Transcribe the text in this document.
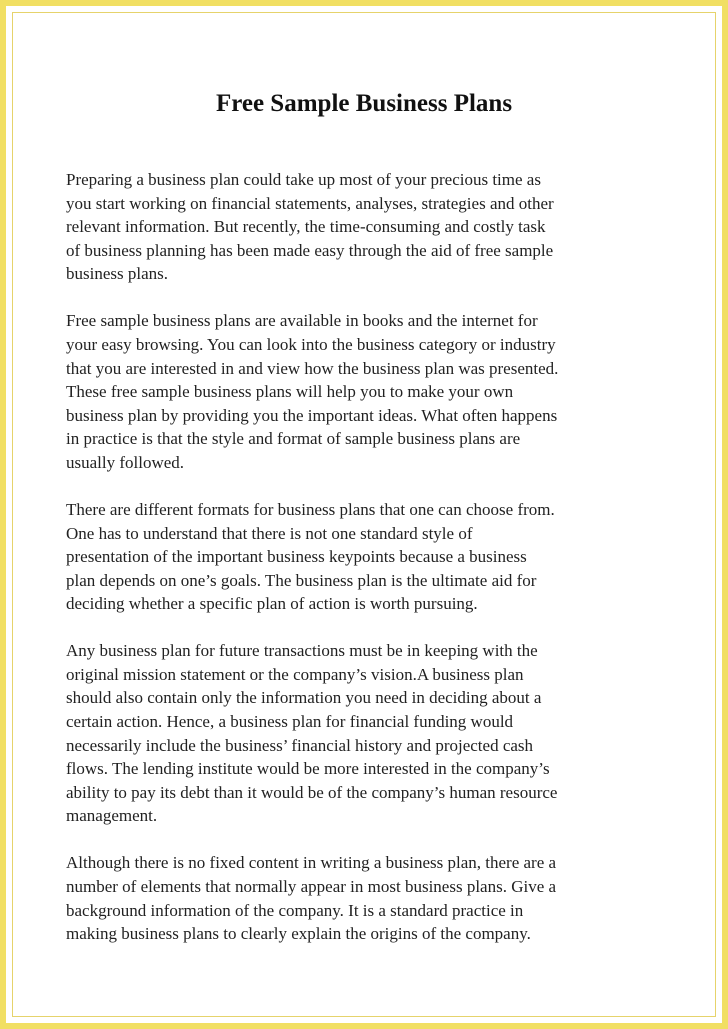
Free Sample Business Plans

Preparing a business plan could take up most of your precious time as
you start working on financial statements, analyses, strategies and other
relevant information. But recently, the time-consuming and costly task
of business planning has been made easy through the aid of free sample
business plans.

Free sample business plans are available in books and the internet for
your easy browsing. You can look into the business category or industry
that you are interested in and view how the business plan was presented.
These free sample business plans will help you to make your own
business plan by providing you the important ideas. What often happens
in practice is that the style and format of sample business plans are
usually followed.

There are different formats for business plans that one can choose from.
One has to understand that there is not one standard style of
presentation of the important business keypoints because a business
plan depends on one’s goals. The business plan is the ultimate aid for
deciding whether a specific plan of action is worth pursuing.

Any business plan for future transactions must be in keeping with the
original mission statement or the company’s vision.A business plan
should also contain only the information you need in deciding about a
certain action. Hence, a business plan for financial funding would
necessarily include the business’ financial history and projected cash
flows. The lending institute would be more interested in the company’s
ability to pay its debt than it would be of the company’s human resource
management.

Although there is no fixed content in writing a business plan, there are a
number of elements that normally appear in most business plans. Give a
background information of the company. It is a standard practice in
making business plans to clearly explain the origins of the company.
